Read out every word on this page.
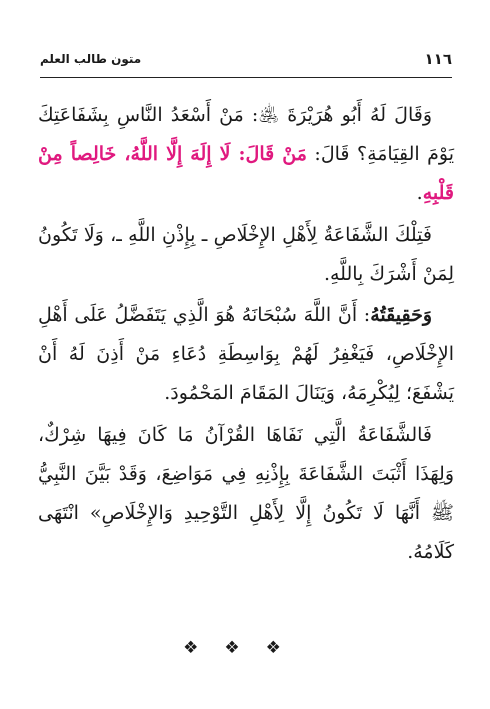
١١٦
متون طالب العلم

وَقَالَ لَهُ أَبُو هُرَيْرَةَ ﵁: مَنْ أَسْعَدُ النَّاسِ بِشَفَاعَتِكَ يَوْمَ القِيَامَةِ؟ قَالَ: مَنْ قَالَ: لَا إِلَهَ إِلَّا اللَّهُ، خَالِصاً مِنْ قَلْبِهِ.

فَتِلْكَ الشَّفَاعَةُ لِأَهْلِ الإِخْلَاصِ ـ بِإِذْنِ اللَّهِ ـ، وَلَا تَكُونُ لِمَنْ أَشْرَكَ بِاللَّهِ.

وَحَقِيقَتُهُ: أَنَّ اللَّهَ سُبْحَانَهُ هُوَ الَّذِي يَتَفَضَّلُ عَلَى أَهْلِ الإِخْلَاصِ، فَيَغْفِرُ لَهُمْ بِوَاسِطَةِ دُعَاءِ مَنْ أَذِنَ لَهُ أَنْ يَشْفَعَ؛ لِيُكْرِمَهُ، وَيَنَالَ المَقَامَ المَحْمُودَ.

فَالشَّفَاعَةُ الَّتِي نَفَاهَا القُرْآنُ مَا كَانَ فِيهَا شِرْكٌ، وَلِهَذَا أَثْبَتَ الشَّفَاعَةَ بِإِذْنِهِ فِي مَوَاضِعَ، وَقَدْ بَيَّنَ النَّبِيُّ ﷺ أَنَّهَا لَا تَكُونُ إِلَّا لِأَهْلِ التَّوْحِيدِ وَالإِخْلَاصِ» انْتَهَى كَلَامُهُ.

❖❖❖
